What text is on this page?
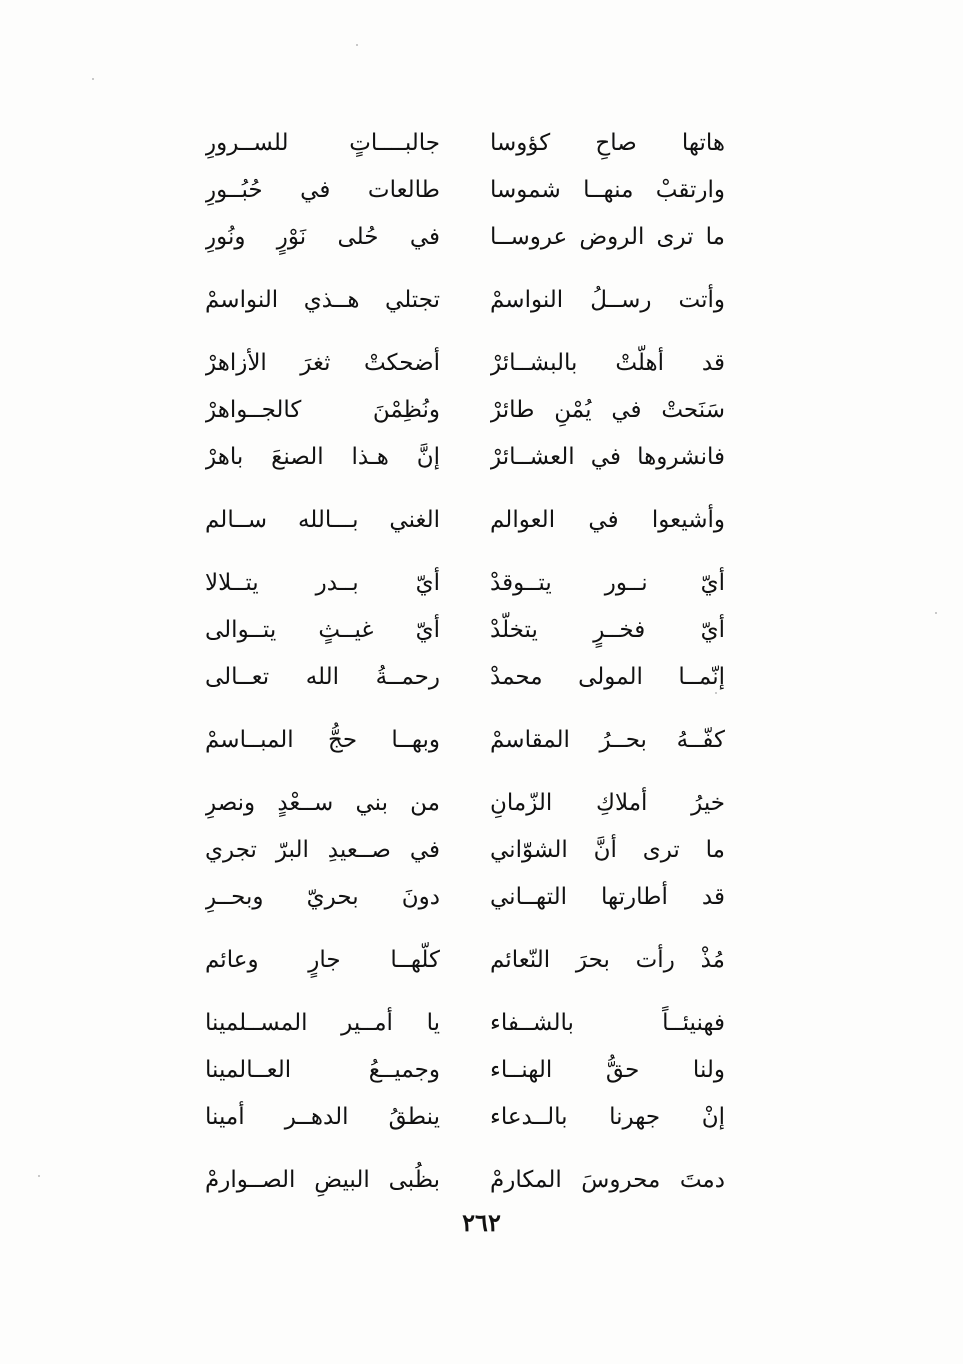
هاتها صاحِ كؤوسا
جالبــــاتٍ للســرورِ
وارتقبْ منهــا شموسا
طالعات في حُبُــورِ
ما ترى الروض عروســا
في حُلى نَوْرٍ ونُورِ
وأتت رســلُ النواسمْ
تجتلي هــذي النواسمْ
قد أهلّتْ بالبشــائرْ
أضحكتْ ثغرَ الأزاهرْ
سَنَحتْ في يُمْنِ طائرْ
ونُظِمْنَ كالجــواهرْ
فانشروها في العشــائرْ
إنَّ هـذا الصنعَ باهرْ
وأشيعوا في العوالم
الغني بـــالله ســالم
أيّ نــور يتــوقدْ
أيّ بــدر يتــلالا
أيّ فخــرٍ يتخلّدْ
أيّ غيــثٍ يتــوالى
إنّمــا المولى محمدْ
رحمــةُ الله تعــالى
كفّــهُ بحــرُ المقاسمْ
وبهــا حجُّ المبــاسمْ
خيرُ أملاكِ الزّمانِ
من بني ســعْدٍ ونصرِ
ما ترى أنَّ الشوّاني
في صــعيدِ البرّ تجري
قد أطارتها التهــاني
دونَ بحريّ وبحــرِ
مُذْ رأت بحرَ النّعائم
كلّهــا جارٍ وعائم
فهنيئــاً بالشــفاء
يا أمــير المســلمينا
ولنا حقُّ الهنــاء
وجميــعُ العــالمينا
إنْ جهرنا بالــدعاء
ينطقُ الدهــر أمينا
دمتَ محروسَ المكارمْ
بظُبى البيضِ الصــوارمْ
٢٦٢
